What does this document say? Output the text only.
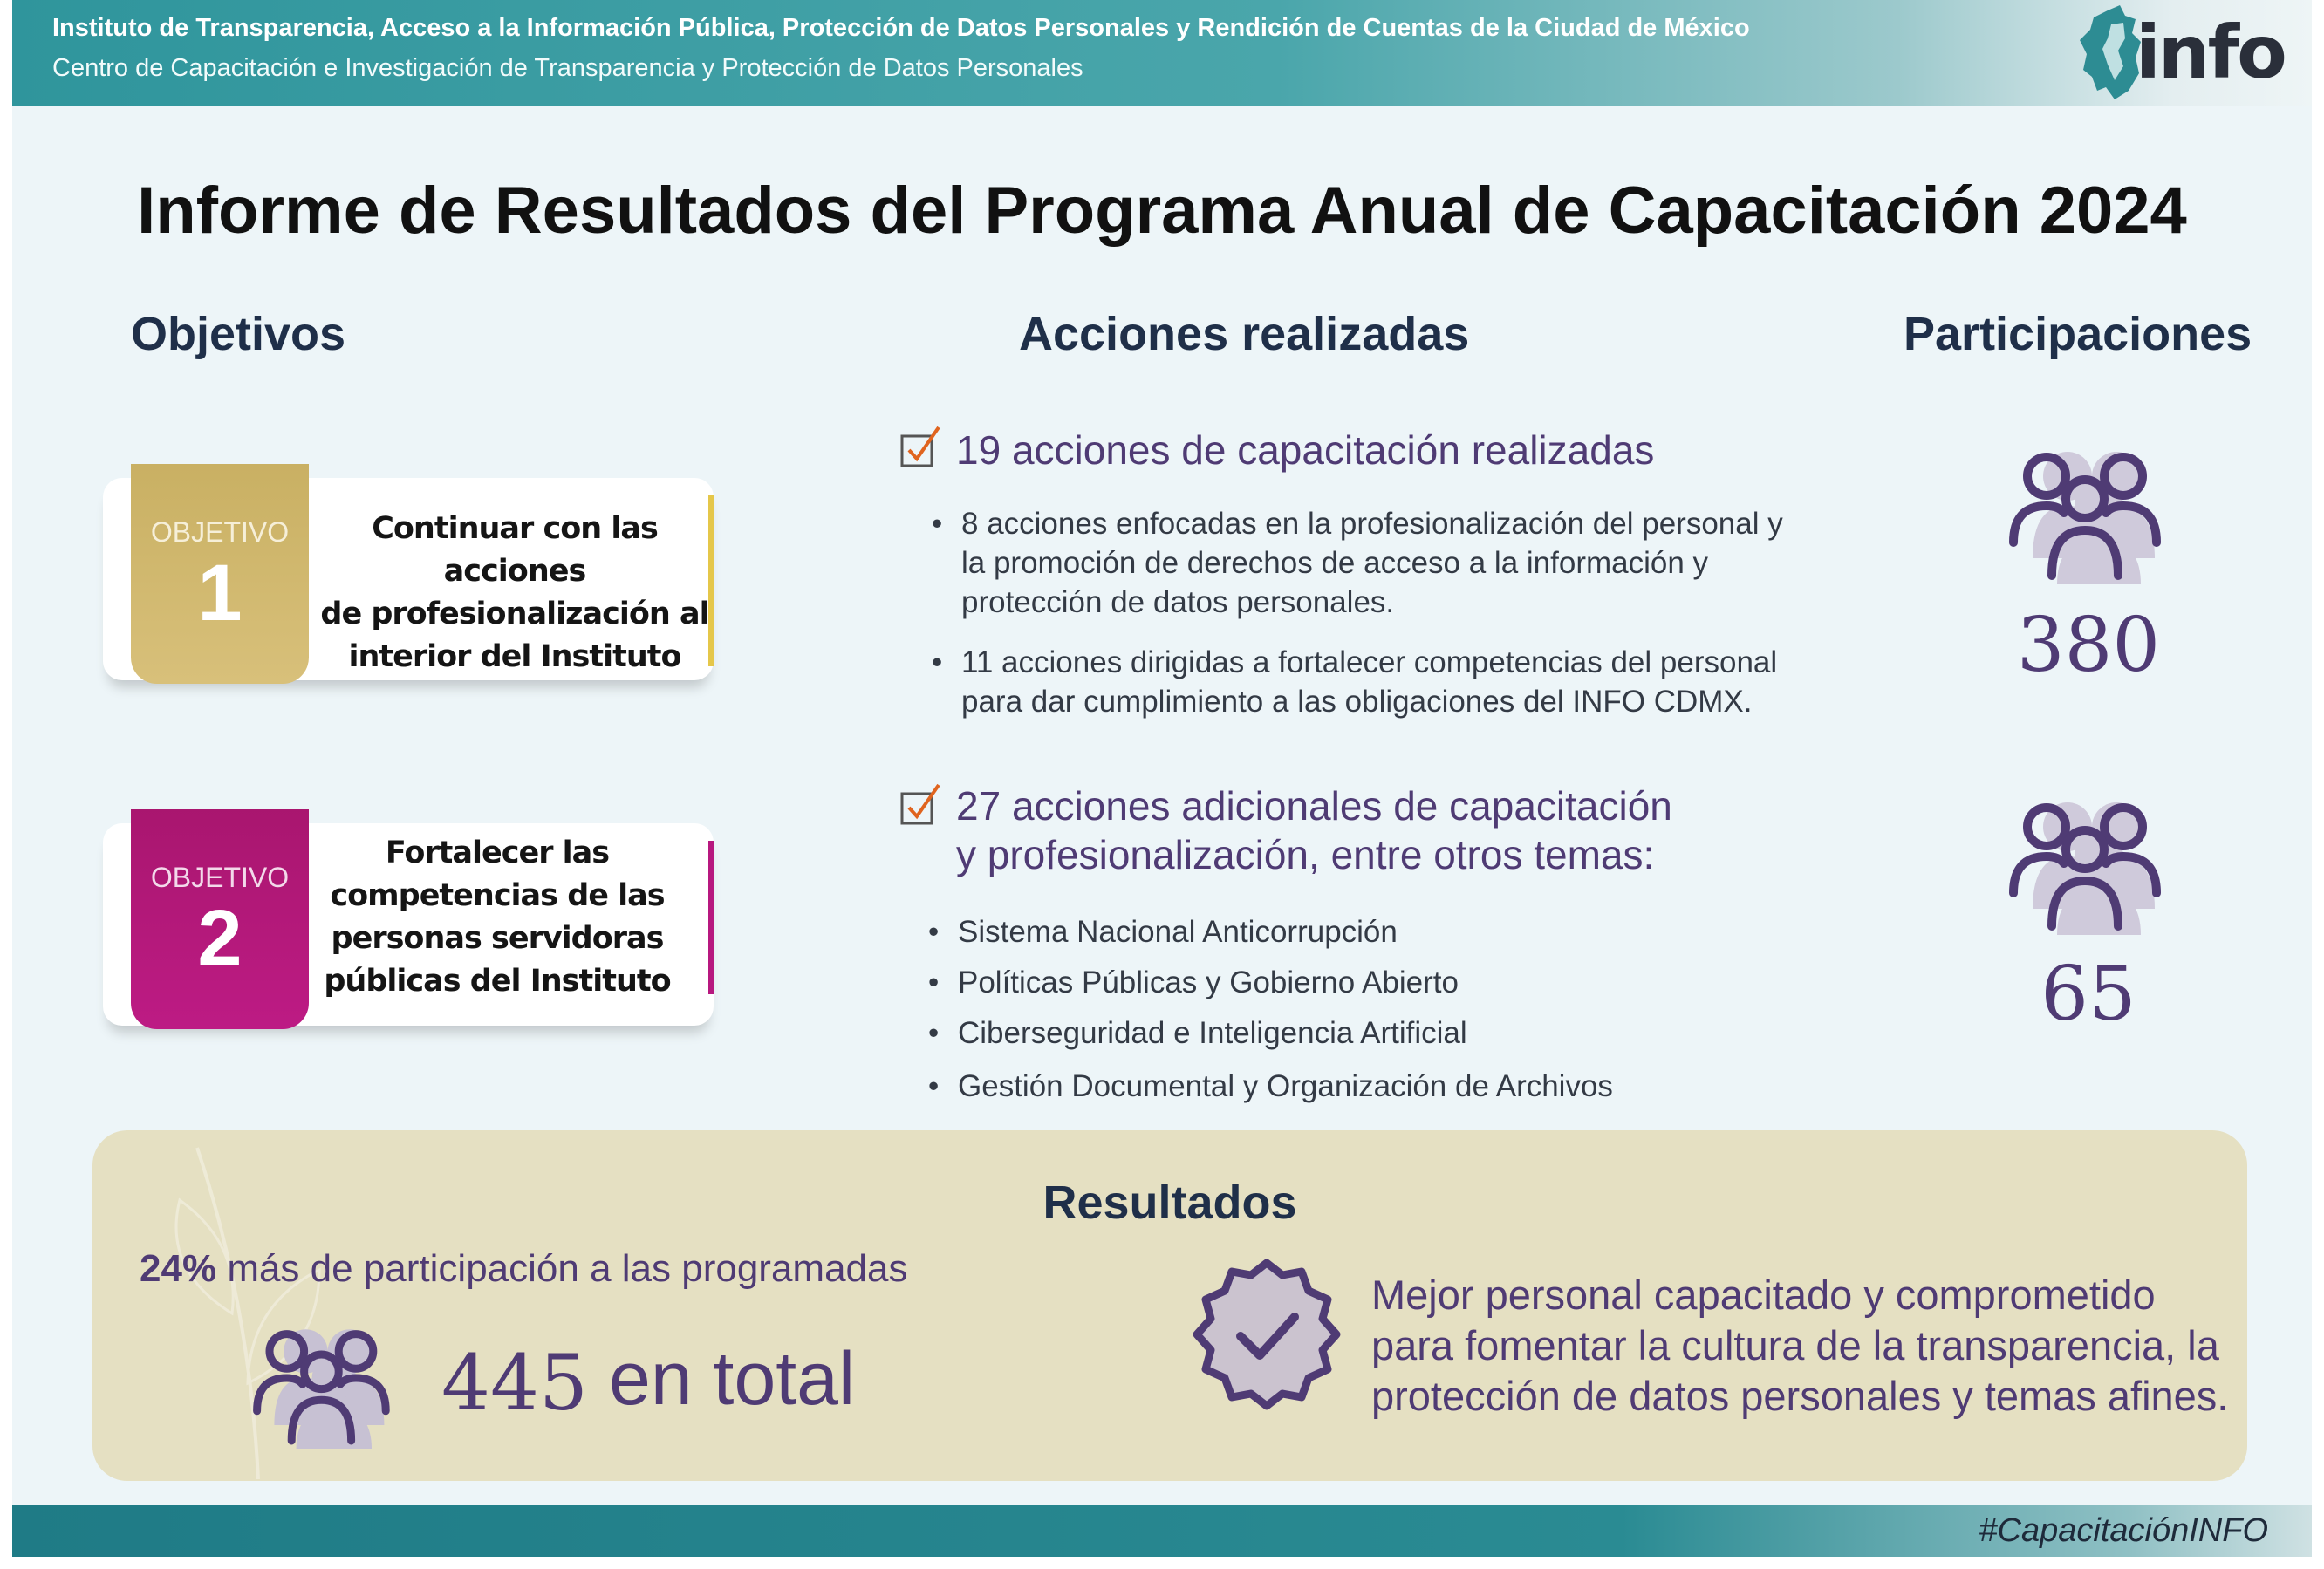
Instituto de Transparencia, Acceso a la Información Pública, Protección de Datos Personales y Rendición de Cuentas de la Ciudad de México
Centro de Capacitación e Investigación de Transparencia y Protección de Datos Personales	info
Informe de Resultados del Programa Anual de Capacitación 2024
Objetivos	Acciones realizadas	Participaciones
OBJETIVO
1
Continuar con las acciones
de profesionalización al
interior del Instituto
OBJETIVO
2
Fortalecer las
competencias de las
personas servidoras
públicas del Instituto
19 acciones de capacitación realizadas
• 8 acciones enfocadas en la profesionalización del personal y
la promoción de derechos de acceso a la información y
protección de datos personales.
• 11 acciones dirigidas a fortalecer competencias del personal
para dar cumplimiento a las obligaciones del INFO CDMX.
27 acciones adicionales de capacitación
y profesionalización, entre otros temas:
• Sistema Nacional Anticorrupción
• Políticas Públicas y Gobierno Abierto
• Ciberseguridad e Inteligencia Artificial
• Gestión Documental y Organización de Archivos
380
65
Resultados
24% más de participación a las programadas
445 en total
Mejor personal capacitado y comprometido
para fomentar la cultura de la transparencia, la
protección de datos personales y temas afines.
#CapacitaciónINFO
